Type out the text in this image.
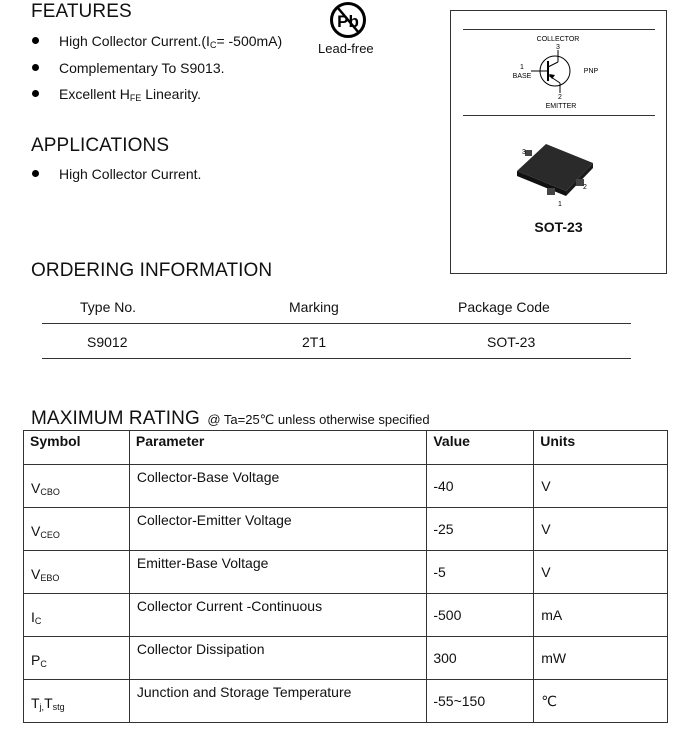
FEATURES
High Collector $Current.(I_C= -500mA)$
Complementary To S9013.
Excellent $H_{FE}$ Linearity.
Pb
Lead-free
APPLICATIONS
High Collector Current.
COLLECTOR
3
1
BASE
PNP
2
EMITTER
3
1
2
SOT-23
ORDERING INFORMATION
Type No.	Marking	Package Code
S9012	2T1	SOT-23
MAXIMUM RATING @ Ta=25℃ unless otherwise specified
Symbol	Parameter	Value	Units

$V_{CBO}$	Collector-Base Voltage	-40	V

$V_{CEO}$	Collector-Emitter Voltage	-25	V

$V_{EBO}$	Emitter-Base Voltage	-5	V

$I_C$	Collector Current -Continuous	-500	mA

$P_C$	Collector Dissipation	300	mW

$T_{j,}T_{stg}$	Junction and Storage Temperature	-55~150	℃
